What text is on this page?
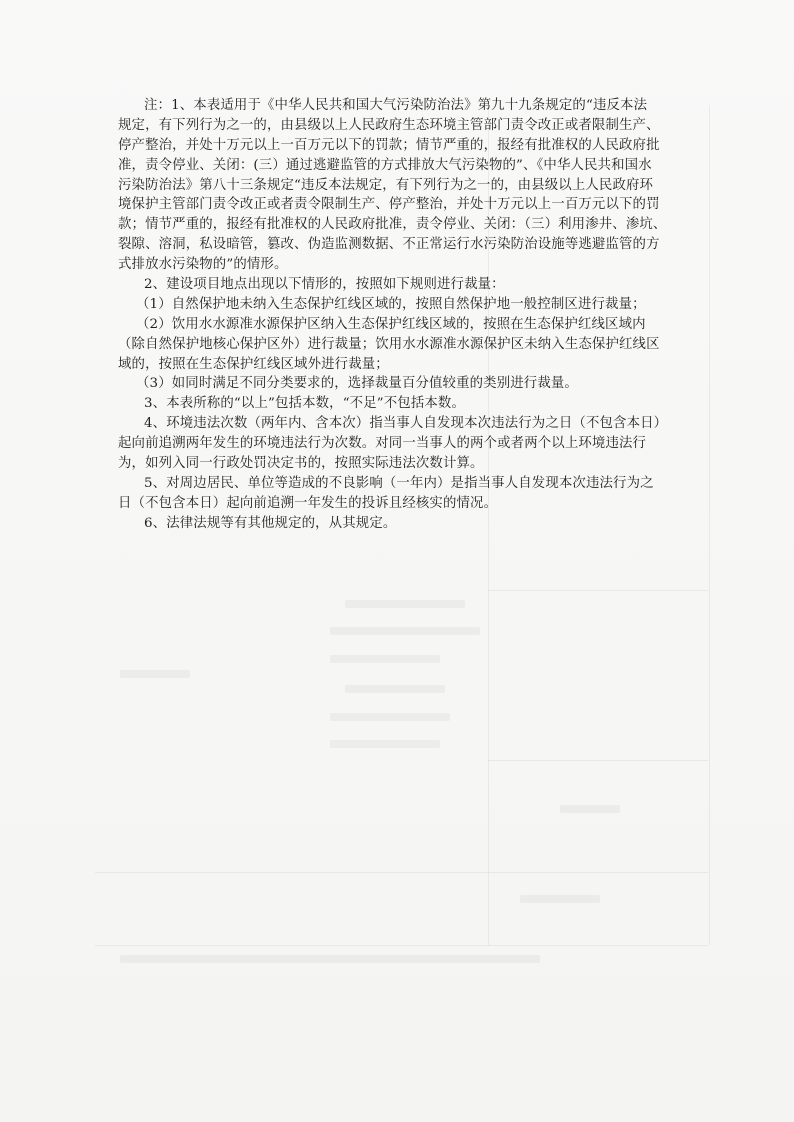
注：1、本表适用于《中华人民共和国大气污染防治法》第九十九条规定的“违反本法
规定，有下列行为之一的，由县级以上人民政府生态环境主管部门责令改正或者限制生产、
停产整治，并处十万元以上一百万元以下的罚款；情节严重的，报经有批准权的人民政府批
准，责令停业、关闭：(三）通过逃避监管的方式排放大气污染物的”、《中华人民共和国水
污染防治法》第八十三条规定“违反本法规定，有下列行为之一的，由县级以上人民政府环
境保护主管部门责令改正或者责令限制生产、停产整治，并处十万元以上一百万元以下的罚
款；情节严重的，报经有批准权的人民政府批准，责令停业、关闭：（三）利用渗井、渗坑、
裂隙、溶洞，私设暗管，篡改、伪造监测数据、不正常运行水污染防治设施等逃避监管的方
式排放水污染物的”的情形。
2、建设项目地点出现以下情形的，按照如下规则进行裁量：
（1）自然保护地未纳入生态保护红线区域的，按照自然保护地一般控制区进行裁量；
（2）饮用水水源准水源保护区纳入生态保护红线区域的，按照在生态保护红线区域内
（除自然保护地核心保护区外）进行裁量；饮用水水源准水源保护区未纳入生态保护红线区
域的，按照在生态保护红线区域外进行裁量；
（3）如同时满足不同分类要求的，选择裁量百分值较重的类别进行裁量。
3、本表所称的“以上”包括本数，“不足”不包括本数。
4、环境违法次数（两年内、含本次）指当事人自发现本次违法行为之日（不包含本日）
起向前追溯两年发生的环境违法行为次数。对同一当事人的两个或者两个以上环境违法行
为，如列入同一行政处罚决定书的，按照实际违法次数计算。
5、对周边居民、单位等造成的不良影响（一年内）是指当事人自发现本次违法行为之
日（不包含本日）起向前追溯一年发生的投诉且经核实的情况。
6、法律法规等有其他规定的，从其规定。
